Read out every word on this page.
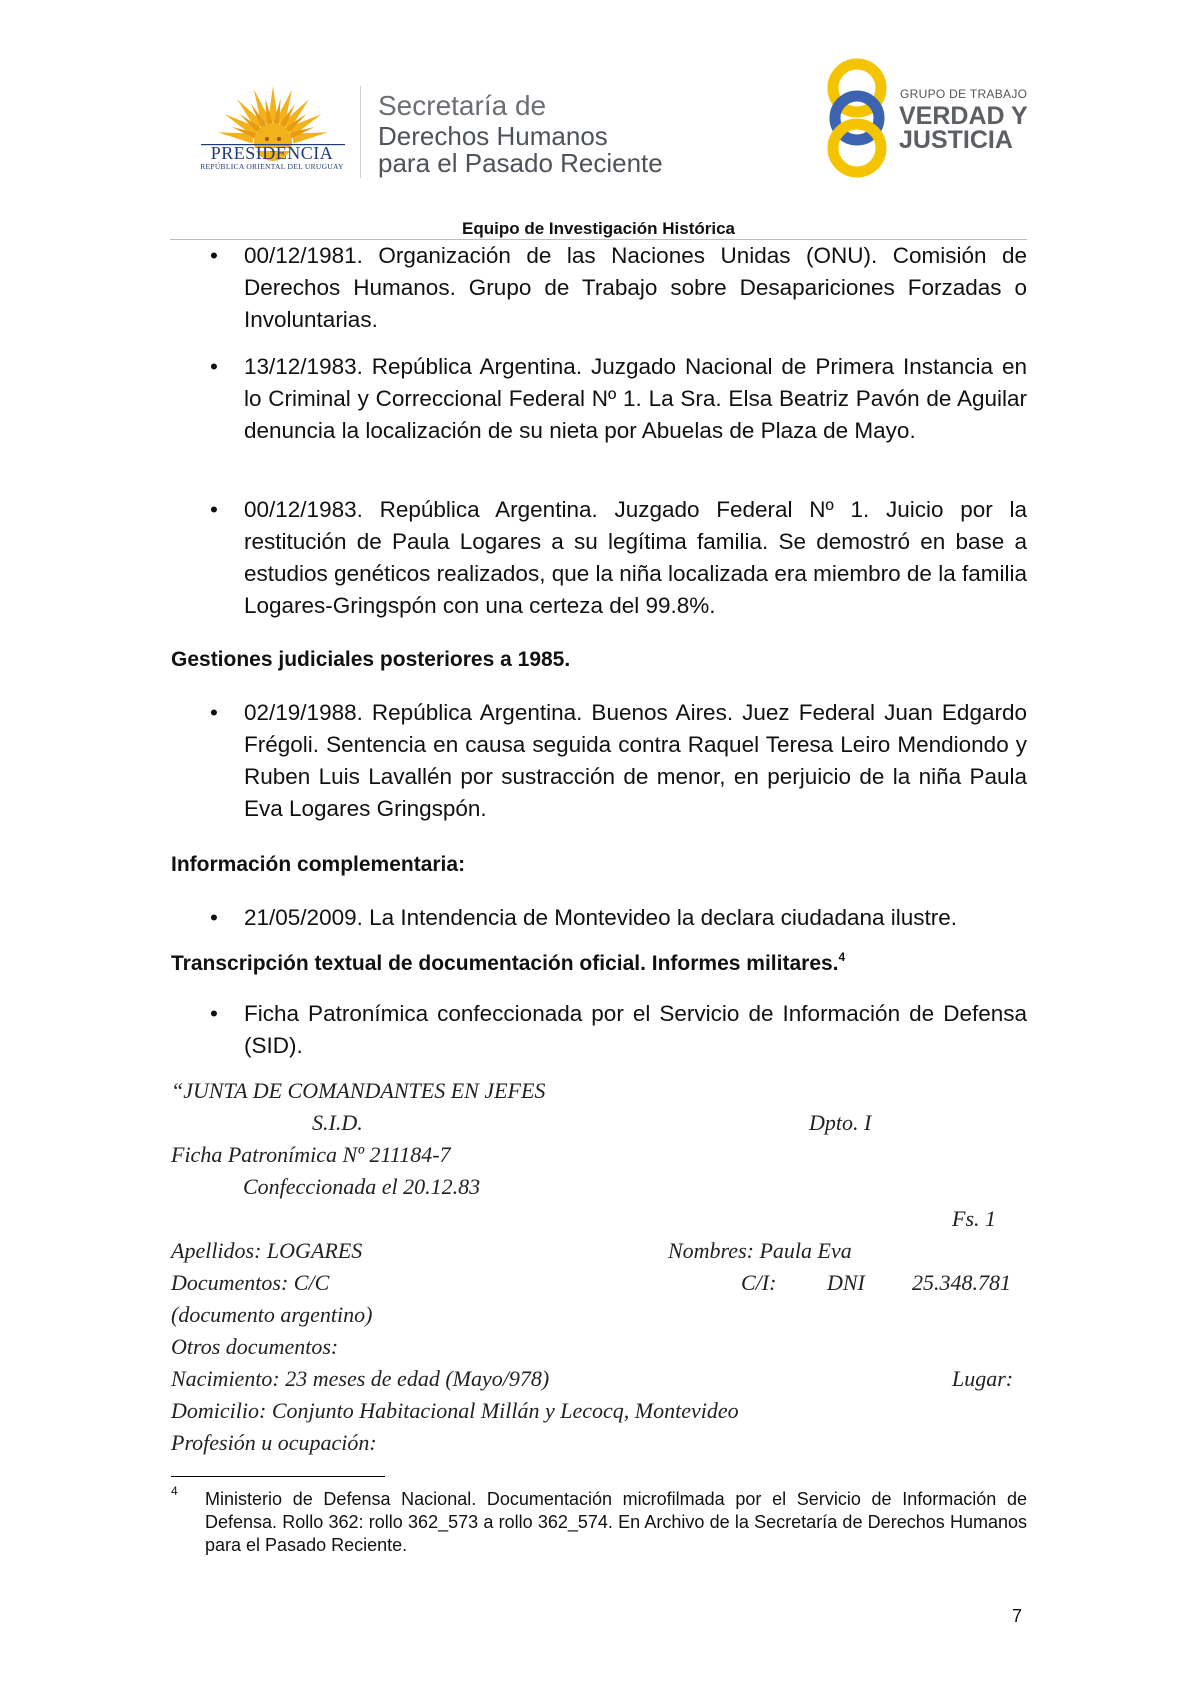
PRESIDENCIA
REPÚBLICA ORIENTAL DEL URUGUAY
Secretaría de
Derechos Humanos
para el Pasado Reciente
GRUPO DE TRABAJO
VERDAD Y
JUSTICIA
Equipo de Investigación Histórica
• 00/12/1981. Organización de las Naciones Unidas (ONU). Comisión de Derechos Humanos. Grupo de Trabajo sobre Desapariciones Forzadas o Involuntarias.
• 13/12/1983. República Argentina. Juzgado Nacional de Primera Instancia en lo Criminal y Correccional Federal Nº 1. La Sra. Elsa Beatriz Pavón de Aguilar denuncia la localización de su nieta por Abuelas de Plaza de Mayo.
• 00/12/1983. República Argentina. Juzgado Federal Nº 1. Juicio por la restitución de Paula Logares a su legítima familia. Se demostró en base a estudios genéticos realizados, que la niña localizada era miembro de la familia Logares-Gringspón con una certeza del 99.8%.
Gestiones judiciales posteriores a 1985.
• 02/19/1988. República Argentina. Buenos Aires. Juez Federal Juan Edgardo Frégoli. Sentencia en causa seguida contra Raquel Teresa Leiro Mendiondo y Ruben Luis Lavallén por sustracción de menor, en perjuicio de la niña Paula Eva Logares Gringspón.
Información complementaria:
• 21/05/2009. La Intendencia de Montevideo la declara ciudadana ilustre.
Transcripción textual de documentación oficial. Informes militares.$^4$
• Ficha Patronímica confeccionada por el Servicio de Información de Defensa (SID).
“JUNTA DE COMANDANTES EN JEFES
S.I.D.	Dpto. I
Ficha Patronímica Nº 211184-7
Confeccionada el 20.12.83
Fs. 1
Apellidos: LOGARES	Nombres: Paula Eva
Documentos: C/C	C/I: DNI 25.348.781
(documento argentino)
Otros documentos:
Nacimiento: 23 meses de edad (Mayo/978)	Lugar:
Domicilio: Conjunto Habitacional Millán y Lecocq, Montevideo
Profesión u ocupación:
4 Ministerio de Defensa Nacional. Documentación microfilmada por el Servicio de Información de Defensa. Rollo 362: rollo 362_573 a rollo 362_574. En Archivo de la Secretaría de Derechos Humanos para el Pasado Reciente.
7
